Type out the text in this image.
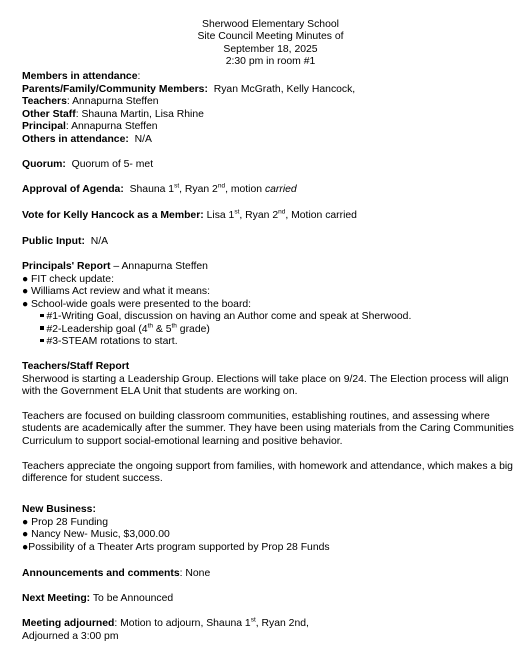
Sherwood Elementary School
Site Council Meeting Minutes of
September 18, 2025
2:30 pm in room #1
Members in attendance:
Parents/Family/Community Members: Ryan McGrath, Kelly Hancock,
Teachers: Annapurna Steffen
Other Staff: Shauna Martin, Lisa Rhine
Principal: Annapurna Steffen
Others in attendance: N/A
Quorum: Quorum of 5- met
Approval of Agenda: Shauna 1st, Ryan 2nd, motion carried
Vote for Kelly Hancock as a Member: Lisa 1st, Ryan 2nd, Motion carried
Public Input: N/A
Principals' Report – Annapurna Steffen
● FIT check update:
● Williams Act review and what it means:
● School-wide goals were presented to the board:
#1-Writing Goal, discussion on having an Author come and speak at Sherwood.
#2-Leadership goal (4th & 5th grade)
#3-STEAM rotations to start.
Teachers/Staff Report
Sherwood is starting a Leadership Group. Elections will take place on 9/24. The Election process will align with the Government ELA Unit that students are working on.
Teachers are focused on building classroom communities, establishing routines, and assessing where students are academically after the summer. They have been using materials from the Caring Communities Curriculum to support social-emotional learning and positive behavior.
Teachers appreciate the ongoing support from families, with homework and attendance, which makes a big difference for student success.
New Business:
● Prop 28 Funding
● Nancy New- Music, $3,000.00
●Possibility of a Theater Arts program supported by Prop 28 Funds
Announcements and comments: None
Next Meeting: To be Announced
Meeting adjourned: Motion to adjourn, Shauna 1st, Ryan 2nd,
Adjourned a 3:00 pm
